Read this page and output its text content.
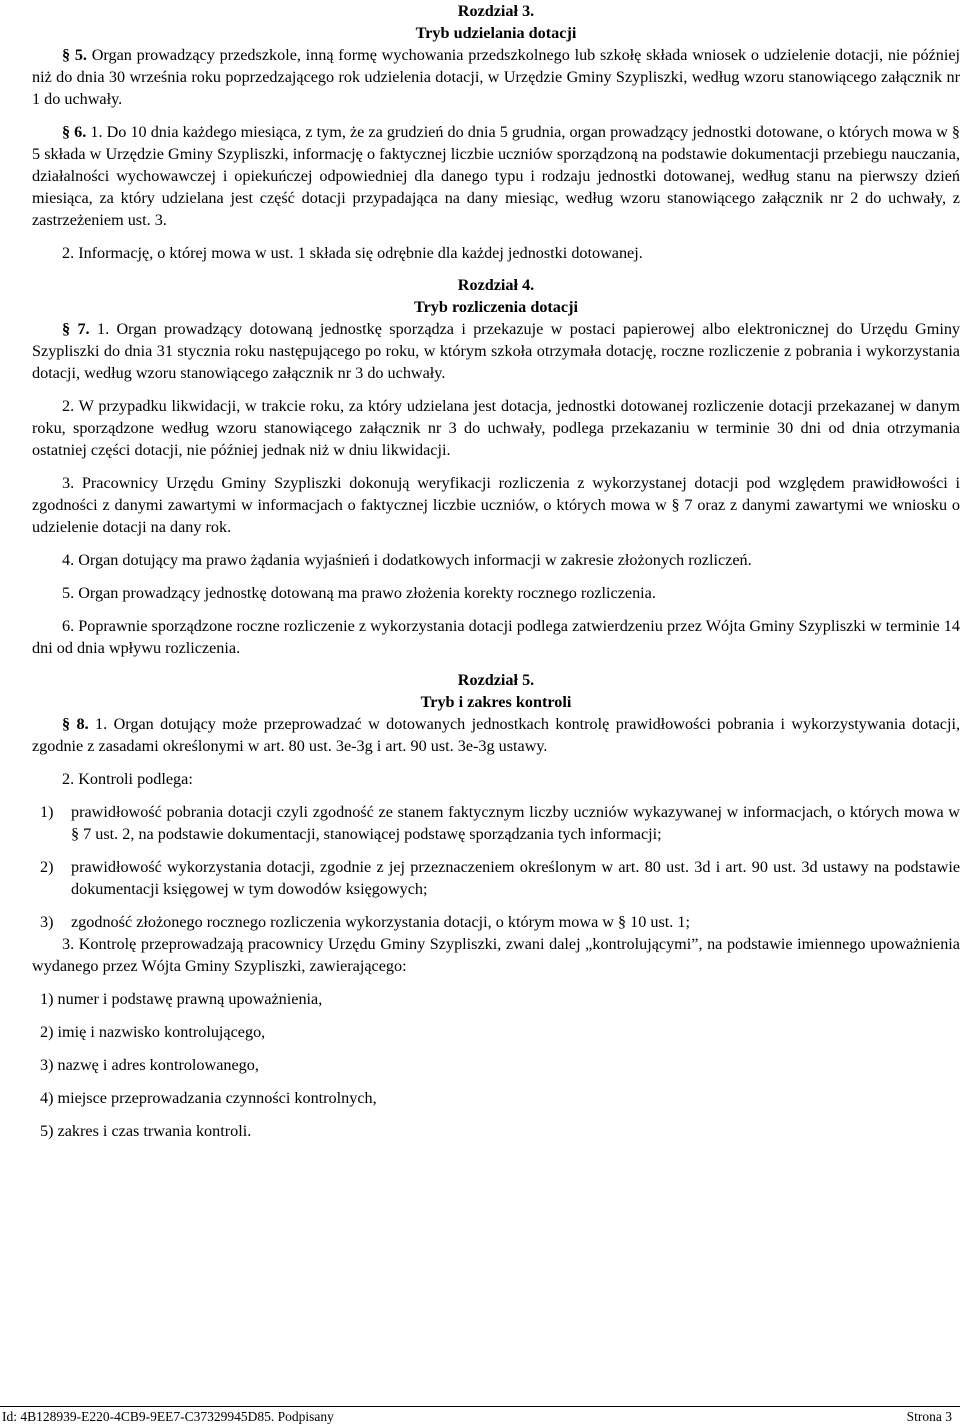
Rozdział 3.
Tryb udzielania dotacji

§ 5. Organ prowadzący przedszkole, inną formę wychowania przedszkolnego lub szkołę składa wniosek o udzielenie dotacji, nie później niż do dnia 30 września roku poprzedzającego rok udzielenia dotacji, w Urzędzie Gminy Szypliszki, według wzoru stanowiącego załącznik nr 1 do uchwały.

§ 6. 1. Do 10 dnia każdego miesiąca, z tym, że za grudzień do dnia 5 grudnia, organ prowadzący jednostki dotowane, o których mowa w § 5 składa w Urzędzie Gminy Szypliszki, informację o faktycznej liczbie uczniów sporządzoną na podstawie dokumentacji przebiegu nauczania, działalności wychowawczej i opiekuńczej odpowiedniej dla danego typu i rodzaju jednostki dotowanej, według stanu na pierwszy dzień miesiąca, za który udzielana jest część dotacji przypadająca na dany miesiąc, według wzoru stanowiącego załącznik nr 2 do uchwały, z zastrzeżeniem ust. 3.

2. Informację, o której mowa w ust. 1 składa się odrębnie dla każdej jednostki dotowanej.

Rozdział 4.
Tryb rozliczenia dotacji

§ 7. 1. Organ prowadzący dotowaną jednostkę sporządza i przekazuje w postaci papierowej albo elektronicznej do Urzędu Gminy Szypliszki do dnia 31 stycznia roku następującego po roku, w którym szkoła otrzymała dotację, roczne rozliczenie z pobrania i wykorzystania dotacji, według wzoru stanowiącego załącznik nr 3 do uchwały.

2. W przypadku likwidacji, w trakcie roku, za który udzielana jest dotacja, jednostki dotowanej rozliczenie dotacji przekazanej w danym roku, sporządzone według wzoru stanowiącego załącznik nr 3 do uchwały, podlega przekazaniu w terminie 30 dni od dnia otrzymania ostatniej części dotacji, nie później jednak niż w dniu likwidacji.

3. Pracownicy Urzędu Gminy Szypliszki dokonują weryfikacji rozliczenia z wykorzystanej dotacji pod względem prawidłowości i zgodności z danymi zawartymi w informacjach o faktycznej liczbie uczniów, o których mowa w § 7 oraz z danymi zawartymi we wniosku o udzielenie dotacji na dany rok.

4. Organ dotujący ma prawo żądania wyjaśnień i dodatkowych informacji w zakresie złożonych rozliczeń.

5. Organ prowadzący jednostkę dotowaną ma prawo złożenia korekty rocznego rozliczenia.

6. Poprawnie sporządzone roczne rozliczenie z wykorzystania dotacji podlega zatwierdzeniu przez Wójta Gminy Szypliszki w terminie 14 dni od dnia wpływu rozliczenia.

Rozdział 5.
Tryb i zakres kontroli

§ 8. 1. Organ dotujący może przeprowadzać w dotowanych jednostkach kontrolę prawidłowości pobrania i wykorzystywania dotacji, zgodnie z zasadami określonymi w art. 80 ust. 3e-3g i art. 90 ust. 3e-3g ustawy.

2. Kontroli podlega:

1)	prawidłowość pobrania dotacji czyli zgodność ze stanem faktycznym liczby uczniów wykazywanej w informacjach, o których mowa w § 7 ust. 2, na podstawie dokumentacji, stanowiącej podstawę sporządzania tych informacji;
2)	prawidłowość wykorzystania dotacji, zgodnie z jej przeznaczeniem określonym w art. 80 ust. 3d i art. 90 ust. 3d ustawy na podstawie dokumentacji księgowej w tym dowodów księgowych;
3)	zgodność złożonego rocznego rozliczenia wykorzystania dotacji, o którym mowa w § 10 ust. 1;

3. Kontrolę przeprowadzają pracownicy Urzędu Gminy Szypliszki, zwani dalej „kontrolującymi”, na podstawie imiennego upoważnienia wydanego przez Wójta Gminy Szypliszki, zawierającego:

1) numer i podstawę prawną upoważnienia,
2) imię i nazwisko kontrolującego,
3) nazwę i adres kontrolowanego,
4) miejsce przeprowadzania czynności kontrolnych,
5) zakres i czas trwania kontroli.
Id: 4B128939-E220-4CB9-9EE7-C37329945D85. Podpisany	Strona 3
